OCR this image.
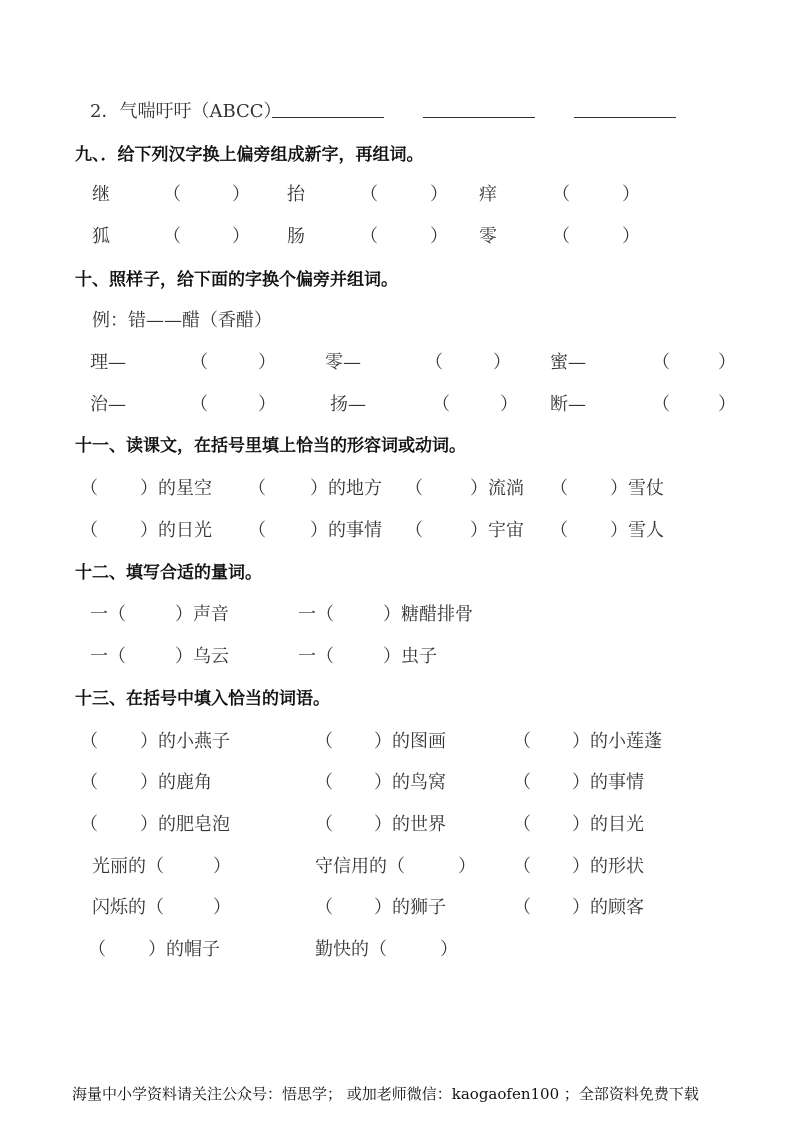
2．气喘吁吁（ABCC）
九、．给下列汉字换上偏旁组成新字，再组词。
继	（	） 抬	（	） 痒	（	）
狐	（	） 肠	（	） 零	（	）
十、照样子，给下面的字换个偏旁并组词。
例：错——醋（香醋）
理—	（	）	零—	（	） 蜜—	（	）
治—	（	）	扬—	（	） 断—	（	）
十一、读课文，在括号里填上恰当的形容词或动词。
（ ）的星空 （ ）的地方 （	）流淌 （ ）雪仗
（ ）的日光 （ ）的事情 （	）宇宙 （ ）雪人
十二、填写合适的量词。
一（	）声音	一（	）糖醋排骨
一（	）乌云	一（	）虫子
十三、在括号中填入恰当的词语。
（ ）的小燕子	（ ）的图画	（ ）的小莲蓬
（ ）的鹿角	（ ）的鸟窝	（ ）的事情
（ ）的肥皂泡	（ ）的世界	（ ）的目光
光丽的（	）	守信用的（	） （ ）的形状
闪烁的（	）	（ ）的狮子	（ ）的顾客
（ ）的帽子	勤快的（	）
海量中小学资料请关注公众号：悟思学； 或加老师微信：kaogaofen100 ；全部资料免费下载
